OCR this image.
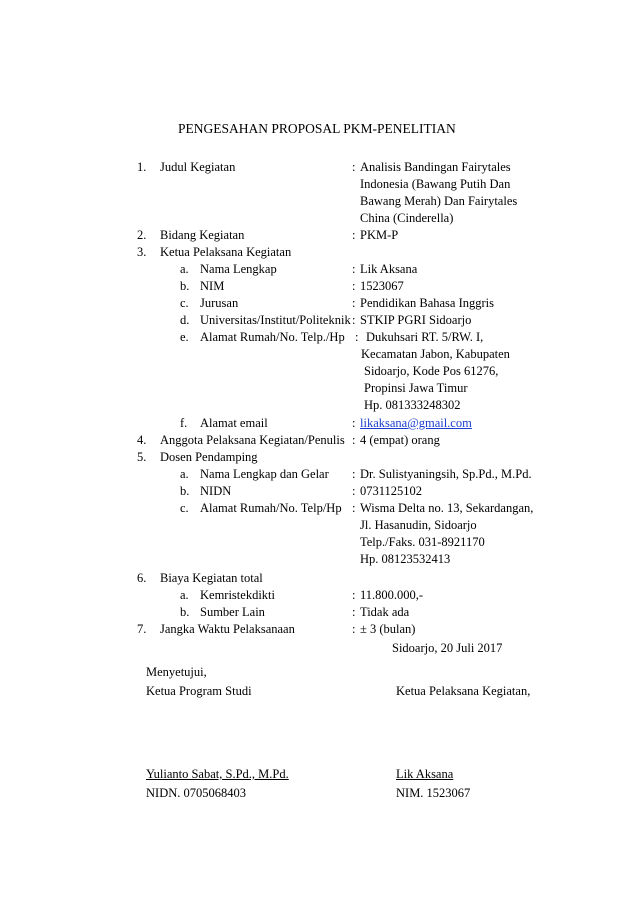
PENGESAHAN PROPOSAL PKM-PENELITIAN
1. Judul Kegiatan	: Analisis Bandingan Fairytales
Indonesia (Bawang Putih Dan
Bawang Merah) Dan Fairytales
China (Cinderella)
2. Bidang Kegiatan	: PKM-P
3. Ketua Pelaksana Kegiatan
a. Nama Lengkap	: Lik Aksana
b. NIM	: 1523067
c. Jurusan	: Pendidikan Bahasa Inggris
d. Universitas/Institut/Politeknik : STKIP PGRI Sidoarjo
e. Alamat Rumah/No. Telp./Hp : Dukuhsari RT. 5/RW. I,
Kecamatan Jabon, Kabupaten
Sidoarjo, Kode Pos 61276,
Propinsi Jawa Timur
Hp. 081333248302
f. Alamat email	: likaksana@gmail.com
4. Anggota Pelaksana Kegiatan/Penulis : 4 (empat) orang
5. Dosen Pendamping
a. Nama Lengkap dan Gelar : Dr. Sulistyaningsih, Sp.Pd., M.Pd.
b. NIDN	: 0731125102
c. Alamat Rumah/No. Telp/Hp : Wisma Delta no. 13, Sekardangan,
Jl. Hasanudin, Sidoarjo
Telp./Faks. 031-8921170
Hp. 08123532413
6. Biaya Kegiatan total
a. Kemristekdikti	: 11.800.000,-
b. Sumber Lain	: Tidak ada
7. Jangka Waktu Pelaksanaan	: ± 3 (bulan)
Sidoarjo, 20 Juli 2017
Menyetujui,
Ketua Program Studi	Ketua Pelaksana Kegiatan,
Yulianto Sabat, S.Pd., M.Pd.	Lik Aksana
NIDN. 0705068403	NIM. 1523067
